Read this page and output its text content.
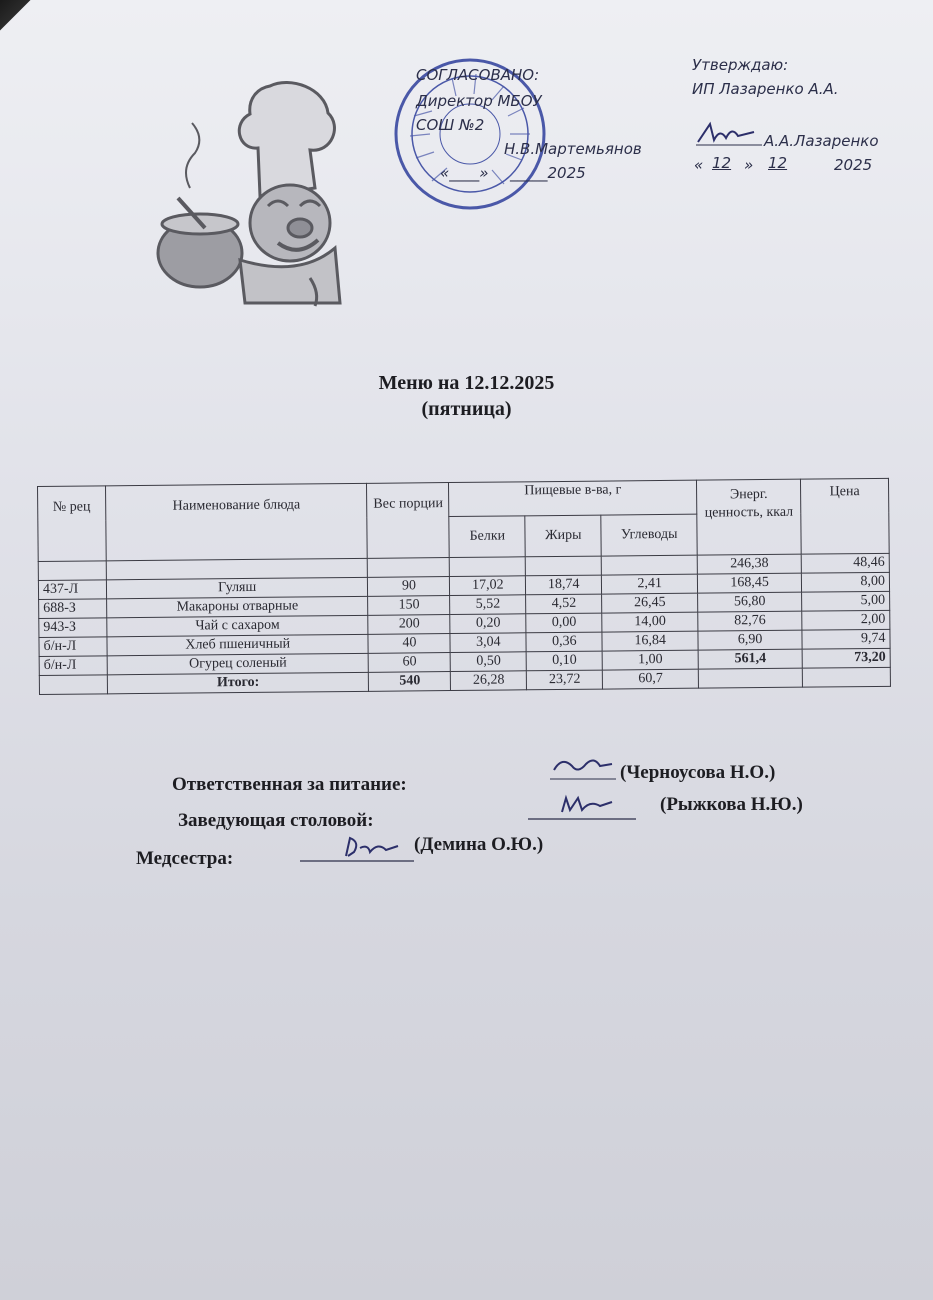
СОГЛАСОВАНО:
Директор МБОУ
СОШ №2
Н.В.Мартемьянов
«____» _____2025
Утверждаю:
ИП Лазаренко А.А.
А.А.Лазаренко
« 12 » 12	2025
Меню на 12.12.2025
(пятница)
№ рец	Наименование блюда	Вес порции	Пищевые в-ва, г			Энерг. ценность, ккал	Цена
			Белки	Жиры	Углеводы		
						246,38	48,46
437-Л	Гуляш	90	17,02	18,74	2,41	168,45	8,00
688-З	Макароны отварные	150	5,52	4,52	26,45	56,80	5,00
943-З	Чай с сахаром	200	0,20	0,00	14,00	82,76	2,00
б/н-Л	Хлеб пшеничный	40	3,04	0,36	16,84	6,90	9,74
б/н-Л	Огурец соленый	60	0,50	0,10	1,00	561,4	73,20
	Итого:	540	26,28	23,72	60,7		
Ответственная за питание:
(Черноусова Н.О.)
Заведующая столовой:
(Рыжкова Н.Ю.)
Медсестра:
(Демина О.Ю.)
